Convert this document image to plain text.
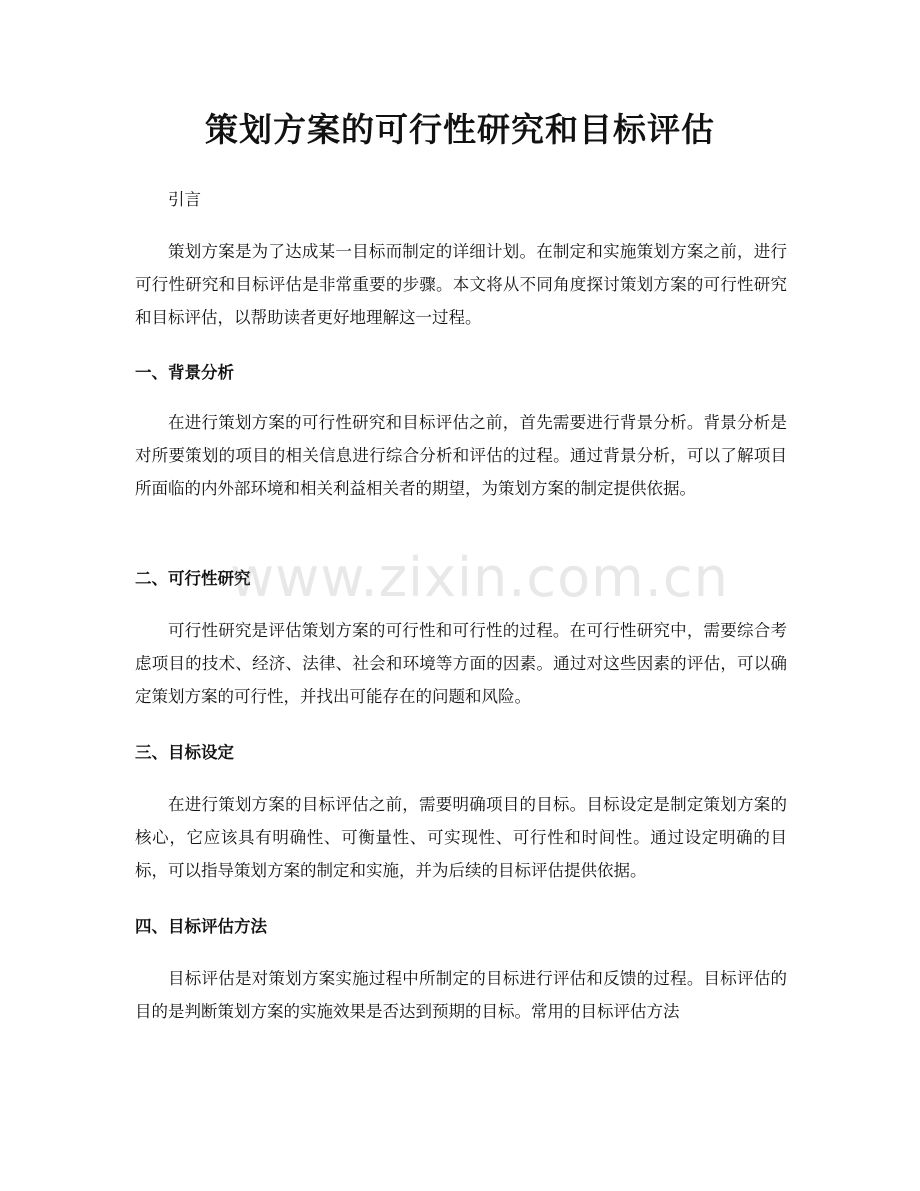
策划方案的可行性研究和目标评估

引言

策划方案是为了达成某一目标而制定的详细计划。在制定和实施策划方案之前，进行可行性研究和目标评估是非常重要的步骤。本文将从不同角度探讨策划方案的可行性研究和目标评估，以帮助读者更好地理解这一过程。

一、背景分析

在进行策划方案的可行性研究和目标评估之前，首先需要进行背景分析。背景分析是对所要策划的项目的相关信息进行综合分析和评估的过程。通过背景分析，可以了解项目所面临的内外部环境和相关利益相关者的期望，为策划方案的制定提供依据。

二、可行性研究

可行性研究是评估策划方案的可行性和可行性的过程。在可行性研究中，需要综合考虑项目的技术、经济、法律、社会和环境等方面的因素。通过对这些因素的评估，可以确定策划方案的可行性，并找出可能存在的问题和风险。

三、目标设定

在进行策划方案的目标评估之前，需要明确项目的目标。目标设定是制定策划方案的核心，它应该具有明确性、可衡量性、可实现性、可行性和时间性。通过设定明确的目标，可以指导策划方案的制定和实施，并为后续的目标评估提供依据。

四、目标评估方法

目标评估是对策划方案实施过程中所制定的目标进行评估和反馈的过程。目标评估的目的是判断策划方案的实施效果是否达到预期的目标。常用的目标评估方法

www.zixin.com.cn
